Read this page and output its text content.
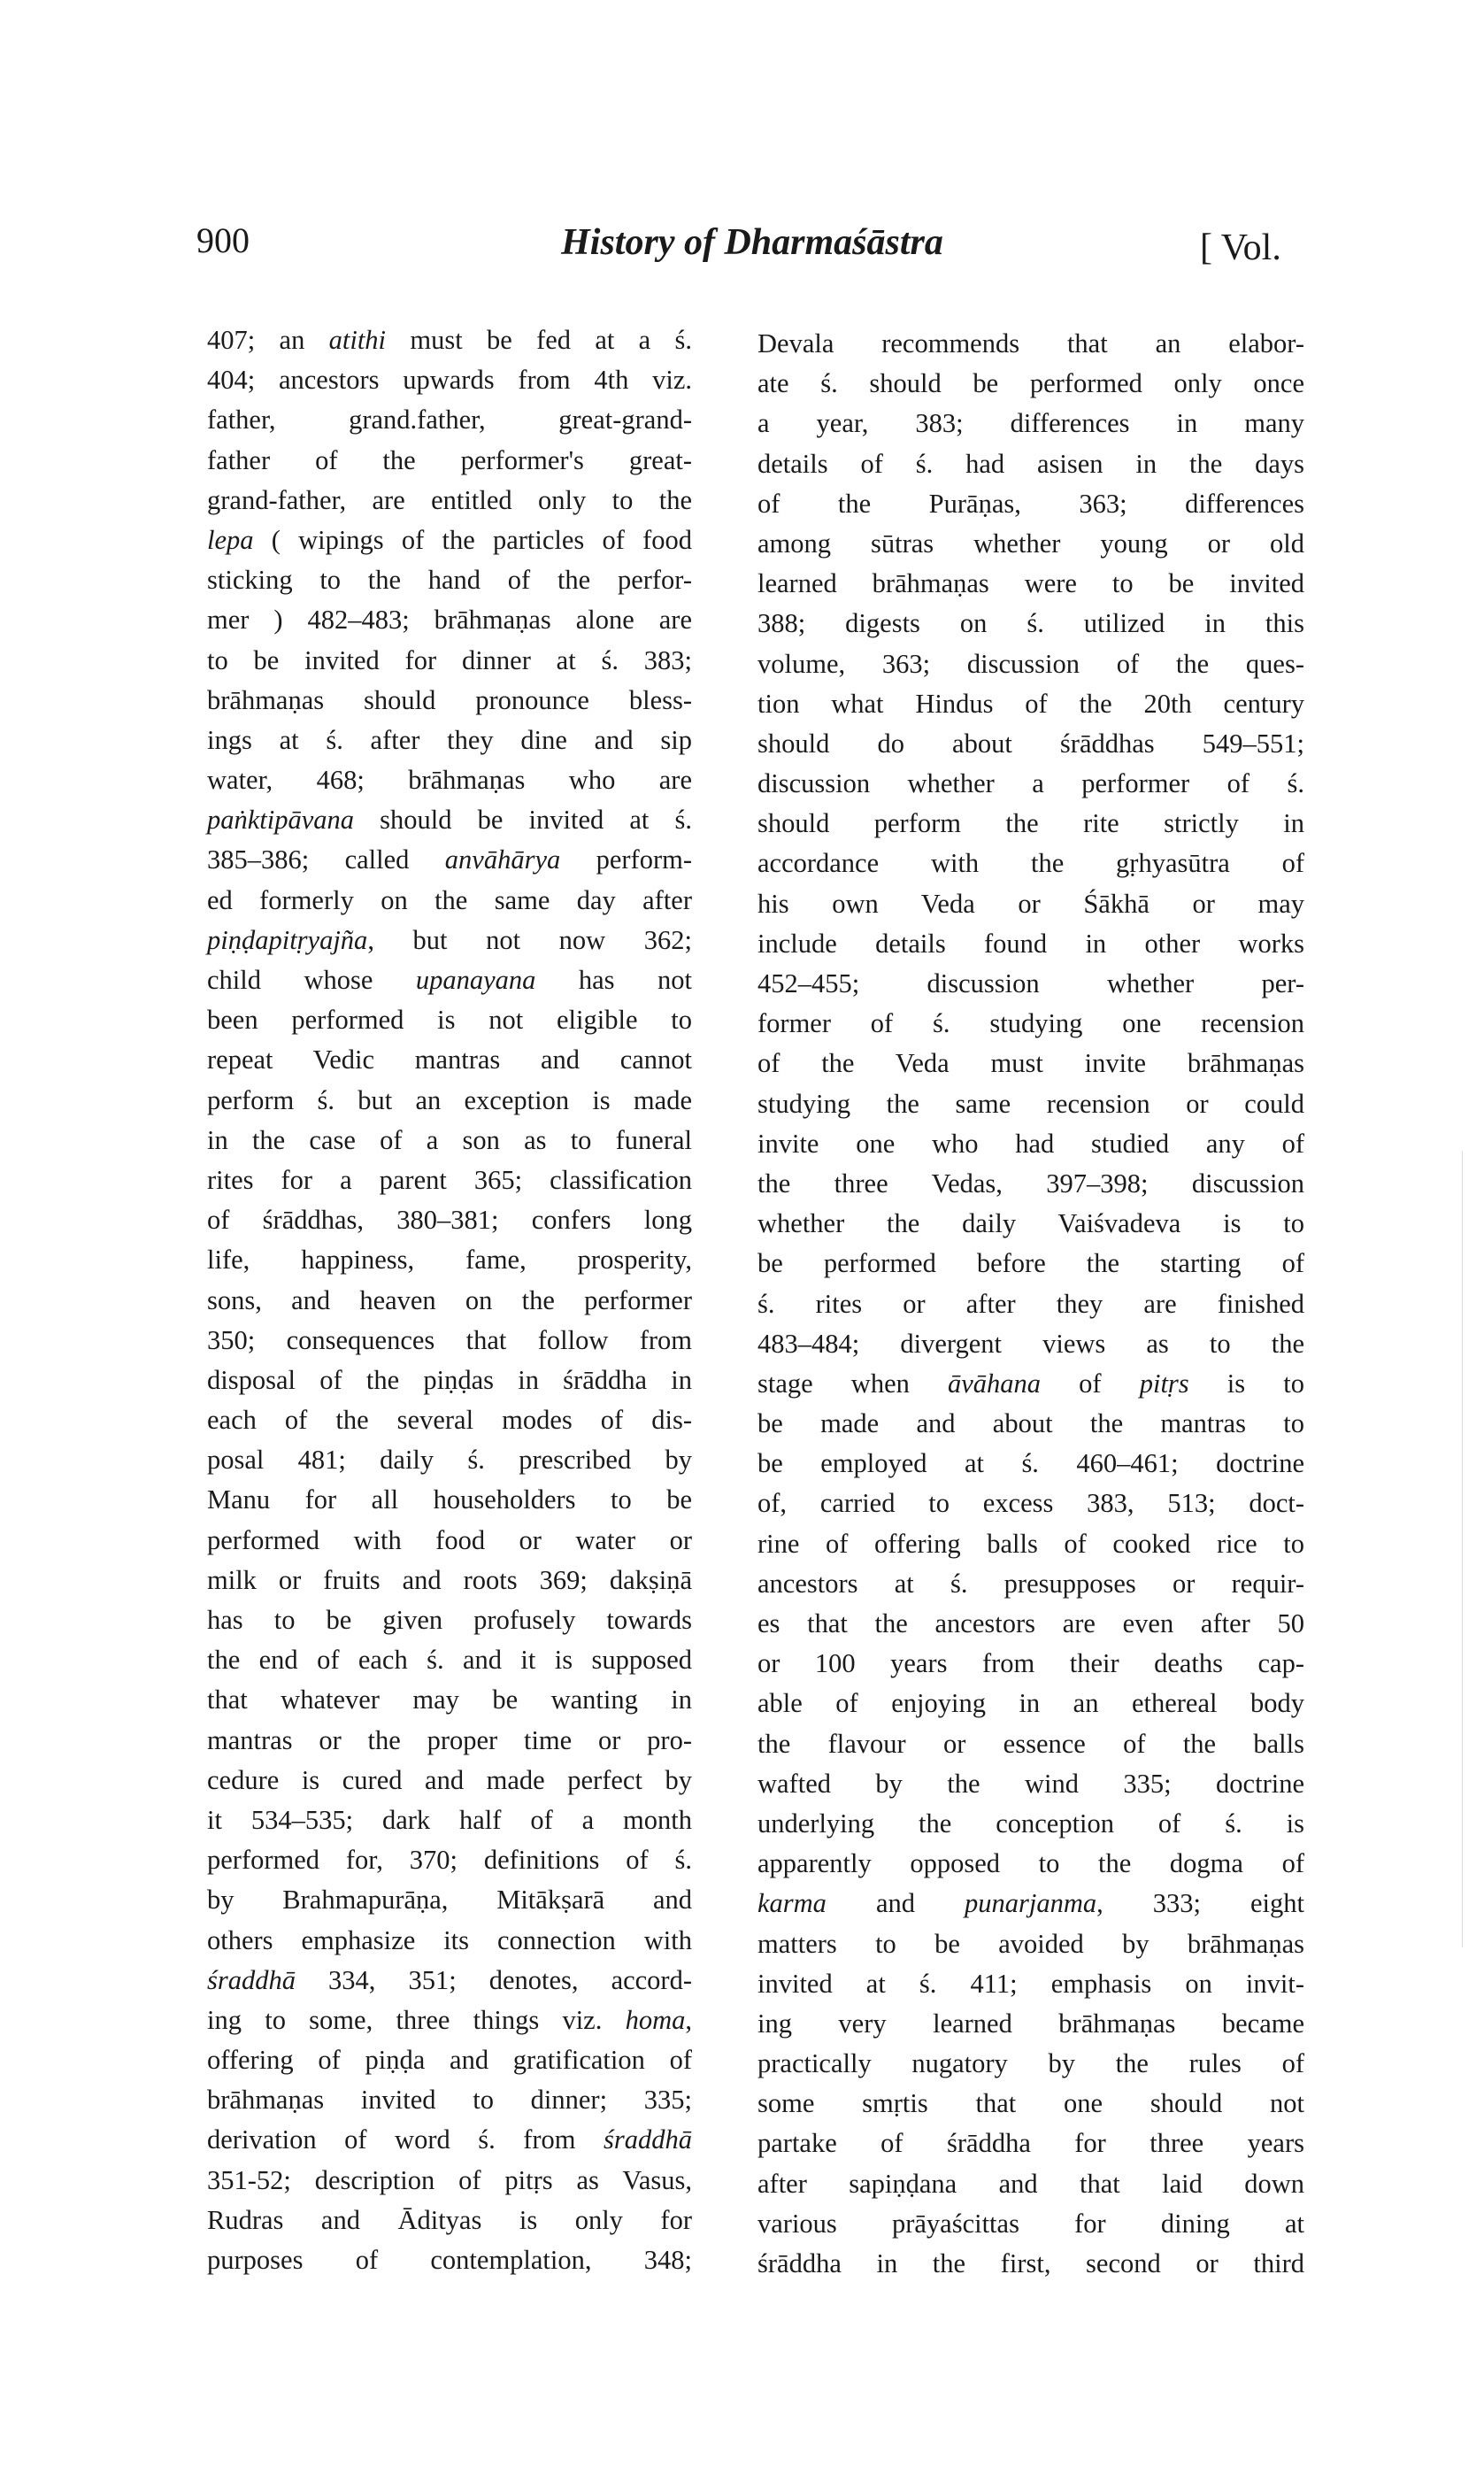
900	History of Dharmaśāstra	[ Vol.
407; an atithi must be fed at a ś.
404; ancestors upwards from 4th viz.
father, grand.father, great-grand-
father of the performer's great-
grand-father, are entitled only to the
lepa ( wipings of the particles of food
sticking to the hand of the perfor-
mer ) 482–483; brāhmaṇas alone are
to be invited for dinner at ś. 383;
brāhmaṇas should pronounce bless-
ings at ś. after they dine and sip
water, 468; brāhmaṇas who are
paṅktipāvana should be invited at ś.
385–386; called anvāhārya perform-
ed formerly on the same day after
piṇḍapitṛyajña, but not now 362;
child whose upanayana has not
been performed is not eligible to
repeat Vedic mantras and cannot
perform ś. but an exception is made
in the case of a son as to funeral
rites for a parent 365; classification
of śrāddhas, 380–381; confers long
life, happiness, fame, prosperity,
sons, and heaven on the performer
350; consequences that follow from
disposal of the piṇḍas in śrāddha in
each of the several modes of dis-
posal 481; daily ś. prescribed by
Manu for all householders to be
performed with food or water or
milk or fruits and roots 369; dakṣiṇā
has to be given profusely towards
the end of each ś. and it is supposed
that whatever may be wanting in
mantras or the proper time or pro-
cedure is cured and made perfect by
it 534–535; dark half of a month
performed for, 370; definitions of ś.
by Brahmapurāṇa, Mitākṣarā and
others emphasize its connection with
śraddhā 334, 351; denotes, accord-
ing to some, three things viz. homa,
offering of piṇḍa and gratification of
brāhmaṇas invited to dinner; 335;
derivation of word ś. from śraddhā
351-52; description of pitṛs as Vasus,
Rudras and Ādityas is only for
purposes of contemplation, 348;
Devala recommends that an elabor-
ate ś. should be performed only once
a year, 383; differences in many
details of ś. had asisen in the days
of the Purāṇas, 363; differences
among sūtras whether young or old
learned brāhmaṇas were to be invited
388; digests on ś. utilized in this
volume, 363; discussion of the ques-
tion what Hindus of the 20th century
should do about śrāddhas 549–551;
discussion whether a performer of ś.
should perform the rite strictly in
accordance with the gṛhyasūtra of
his own Veda or Śākhā or may
include details found in other works
452–455; discussion whether per-
former of ś. studying one recension
of the Veda must invite brāhmaṇas
studying the same recension or could
invite one who had studied any of
the three Vedas, 397–398; discussion
whether the daily Vaiśvadeva is to
be performed before the starting of
ś. rites or after they are finished
483–484; divergent views as to the
stage when āvāhana of pitṛs is to
be made and about the mantras to
be employed at ś. 460–461; doctrine
of, carried to excess 383, 513; doct-
rine of offering balls of cooked rice to
ancestors at ś. presupposes or requir-
es that the ancestors are even after 50
or 100 years from their deaths cap-
able of enjoying in an ethereal body
the flavour or essence of the balls
wafted by the wind 335; doctrine
underlying the conception of ś. is
apparently opposed to the dogma of
karma and punarjanma, 333; eight
matters to be avoided by brāhmaṇas
invited at ś. 411; emphasis on invit-
ing very learned brāhmaṇas became
practically nugatory by the rules of
some smṛtis that one should not
partake of śrāddha for three years
after sapiṇḍana and that laid down
various prāyaścittas for dining at
śrāddha in the first, second or third
